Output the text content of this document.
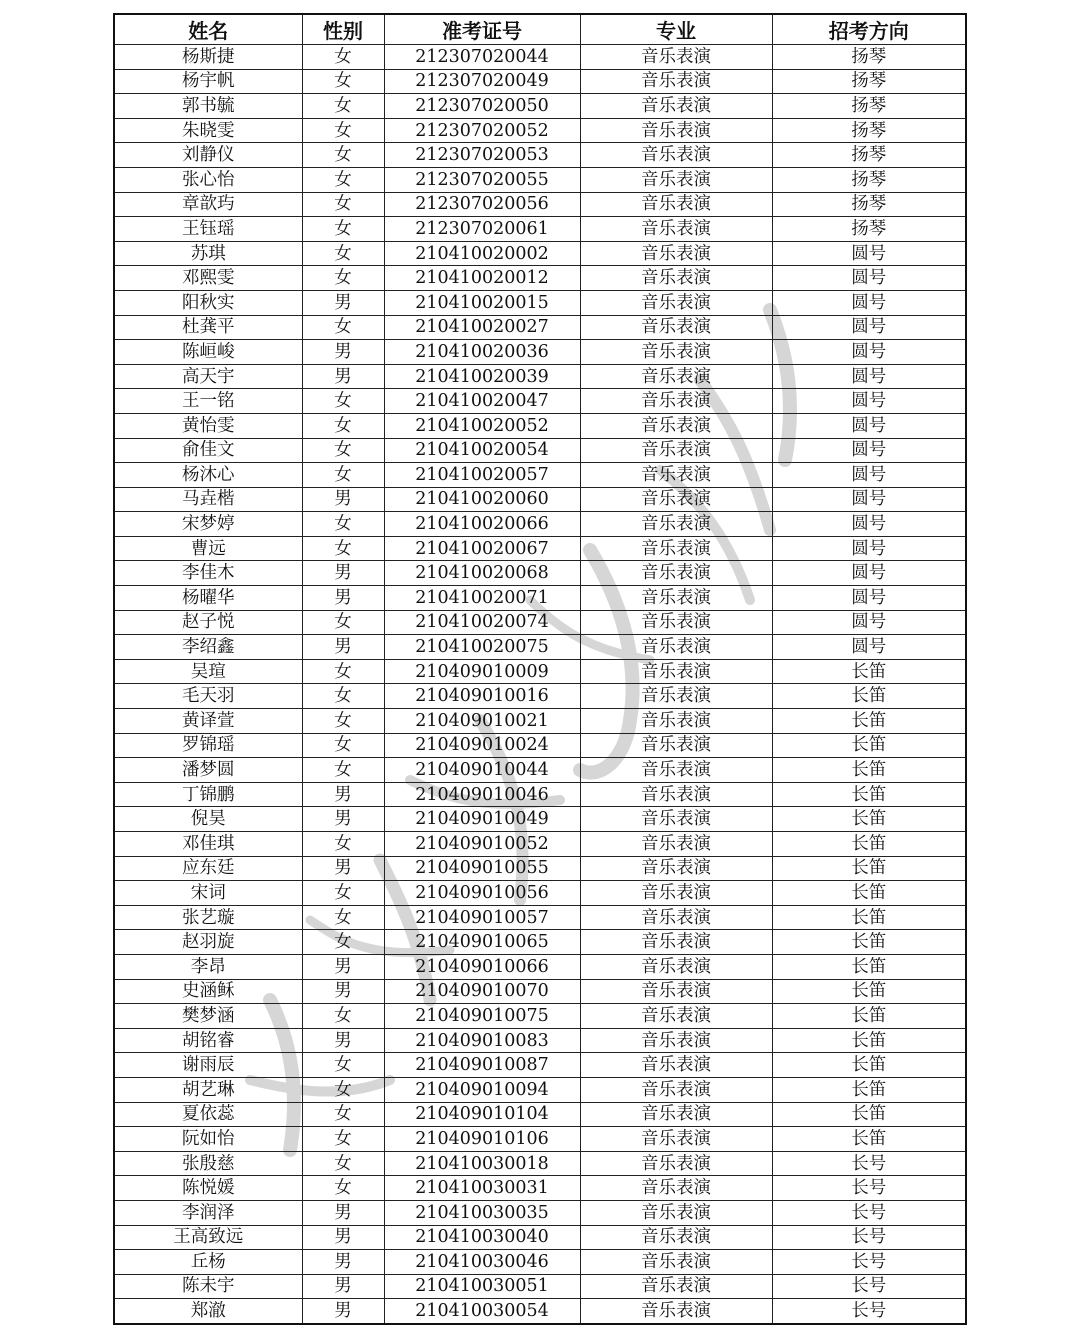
姓名	性别	准考证号	专业	招考方向
杨斯捷	女	212307020044	音乐表演	扬琴
杨宇帆	女	212307020049	音乐表演	扬琴
郭书毓	女	212307020050	音乐表演	扬琴
朱晓雯	女	212307020052	音乐表演	扬琴
刘静仪	女	212307020053	音乐表演	扬琴
张心怡	女	212307020055	音乐表演	扬琴
章歆玙	女	212307020056	音乐表演	扬琴
王钰瑶	女	212307020061	音乐表演	扬琴
苏琪	女	210410020002	音乐表演	圆号
邓熙雯	女	210410020012	音乐表演	圆号
阳秋实	男	210410020015	音乐表演	圆号
杜龚平	女	210410020027	音乐表演	圆号
陈峘峻	男	210410020036	音乐表演	圆号
高天宇	男	210410020039	音乐表演	圆号
王一铭	女	210410020047	音乐表演	圆号
黄怡雯	女	210410020052	音乐表演	圆号
俞佳文	女	210410020054	音乐表演	圆号
杨沐心	女	210410020057	音乐表演	圆号
马垚楷	男	210410020060	音乐表演	圆号
宋梦婷	女	210410020066	音乐表演	圆号
曹远	女	210410020067	音乐表演	圆号
李佳木	男	210410020068	音乐表演	圆号
杨曜华	男	210410020071	音乐表演	圆号
赵子悦	女	210410020074	音乐表演	圆号
李绍鑫	男	210410020075	音乐表演	圆号
吴瑄	女	210409010009	音乐表演	长笛
毛天羽	女	210409010016	音乐表演	长笛
黄译萱	女	210409010021	音乐表演	长笛
罗锦瑶	女	210409010024	音乐表演	长笛
潘梦圆	女	210409010044	音乐表演	长笛
丁锦鹏	男	210409010046	音乐表演	长笛
倪昊	男	210409010049	音乐表演	长笛
邓佳琪	女	210409010052	音乐表演	长笛
应东廷	男	210409010055	音乐表演	长笛
宋词	女	210409010056	音乐表演	长笛
张艺璇	女	210409010057	音乐表演	长笛
赵羽旋	女	210409010065	音乐表演	长笛
李昂	男	210409010066	音乐表演	长笛
史涵稣	男	210409010070	音乐表演	长笛
樊梦涵	女	210409010075	音乐表演	长笛
胡铭睿	男	210409010083	音乐表演	长笛
谢雨辰	女	210409010087	音乐表演	长笛
胡艺琳	女	210409010094	音乐表演	长笛
夏依蕊	女	210409010104	音乐表演	长笛
阮如怡	女	210409010106	音乐表演	长笛
张殷慈	女	210410030018	音乐表演	长号
陈悦媛	女	210410030031	音乐表演	长号
李润泽	男	210410030035	音乐表演	长号
王高致远	男	210410030040	音乐表演	长号
丘杨	男	210410030046	音乐表演	长号
陈未宇	男	210410030051	音乐表演	长号
郑澈	男	210410030054	音乐表演	长号
